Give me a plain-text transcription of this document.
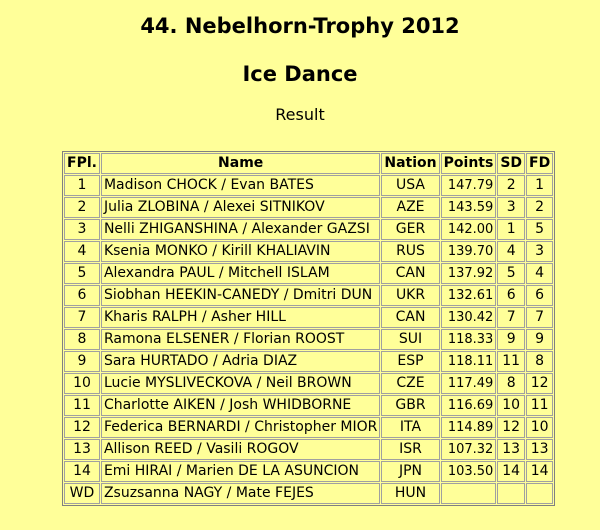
44. Nebelhorn-Trophy 2012
Ice Dance
Result
FPl.	Name	Nation	Points	SD	FD
1	Madison CHOCK / Evan BATES	USA	147.79	2	1
2	Julia ZLOBINA / Alexei SITNIKOV	AZE	143.59	3	2
3	Nelli ZHIGANSHINA / Alexander GAZSI	GER	142.00	1	5
4	Ksenia MONKO / Kirill KHALIAVIN	RUS	139.70	4	3
5	Alexandra PAUL / Mitchell ISLAM	CAN	137.92	5	4
6	Siobhan HEEKIN-CANEDY / Dmitri DUN	UKR	132.61	6	6
7	Kharis RALPH / Asher HILL	CAN	130.42	7	7
8	Ramona ELSENER / Florian ROOST	SUI	118.33	9	9
9	Sara HURTADO / Adria DIAZ	ESP	118.11	11	8
10	Lucie MYSLIVECKOVA / Neil BROWN	CZE	117.49	8	12
11	Charlotte AIKEN / Josh WHIDBORNE	GBR	116.69	10	11
12	Federica BERNARDI / Christopher MIOR	ITA	114.89	12	10
13	Allison REED / Vasili ROGOV	ISR	107.32	13	13
14	Emi HIRAI / Marien DE LA ASUNCION	JPN	103.50	14	14
WD	Zsuzsanna NAGY / Mate FEJES	HUN			
